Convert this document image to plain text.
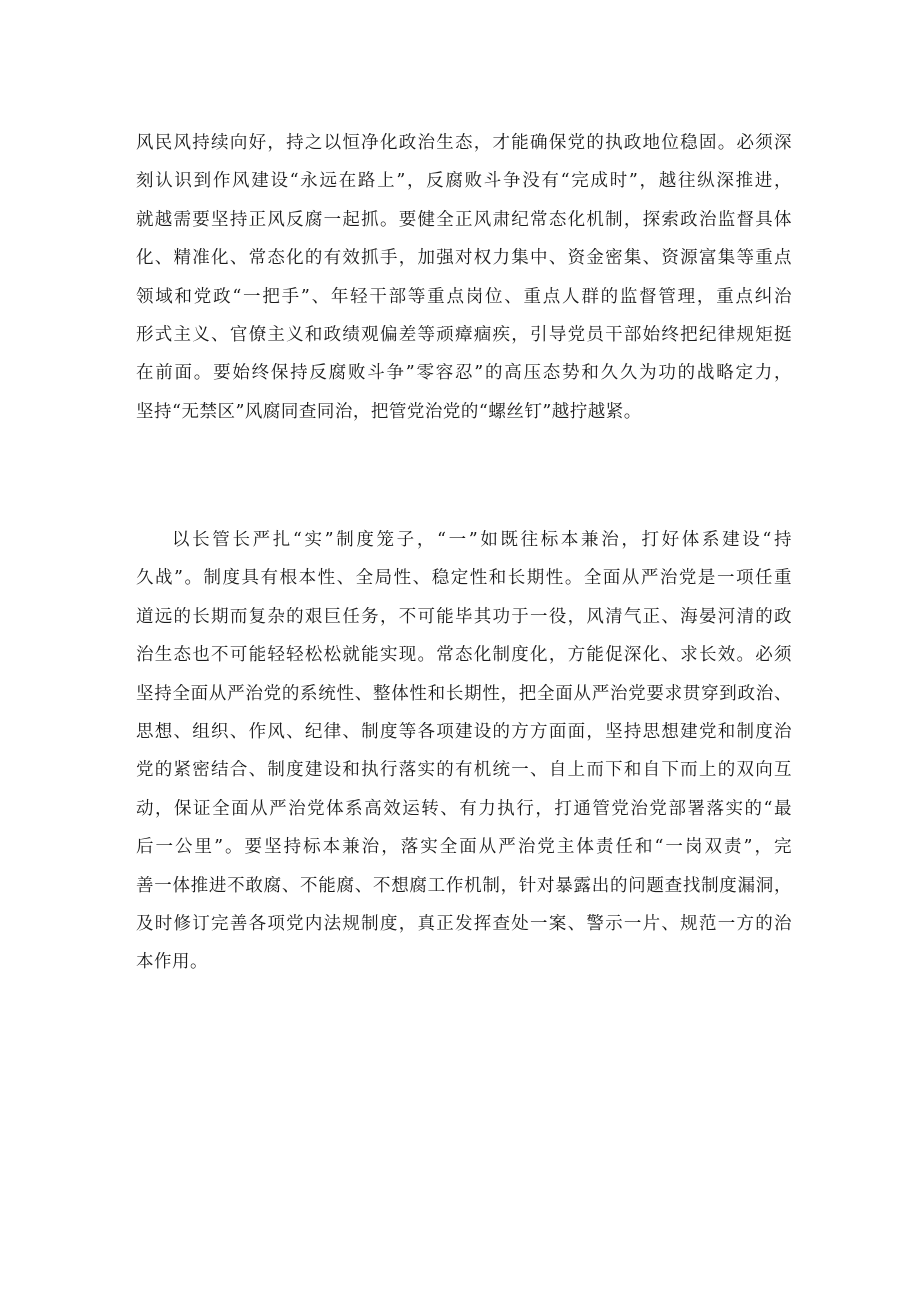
风民风持续向好，持之以恒净化政治生态，才能确保党的执政地位稳固。必须深
刻认识到作风建设“永远在路上”，反腐败斗争没有“完成时”，越往纵深推进，
就越需要坚持正风反腐一起抓。要健全正风肃纪常态化机制，探索政治监督具体
化、精准化、常态化的有效抓手，加强对权力集中、资金密集、资源富集等重点
领域和党政“一把手”、年轻干部等重点岗位、重点人群的监督管理，重点纠治
形式主义、官僚主义和政绩观偏差等顽瘴痼疾，引导党员干部始终把纪律规矩挺
在前面。要始终保持反腐败斗争”零容忍”的高压态势和久久为功的战略定力，
坚持“无禁区”风腐同查同治，把管党治党的“螺丝钉”越拧越紧。
以长管长严扎“实”制度笼子，“一”如既往标本兼治，打好体系建设“持
久战”。制度具有根本性、全局性、稳定性和长期性。全面从严治党是一项任重
道远的长期而复杂的艰巨任务，不可能毕其功于一役，风清气正、海晏河清的政
治生态也不可能轻轻松松就能实现。常态化制度化，方能促深化、求长效。必须
坚持全面从严治党的系统性、整体性和长期性，把全面从严治党要求贯穿到政治、
思想、组织、作风、纪律、制度等各项建设的方方面面，坚持思想建党和制度治
党的紧密结合、制度建设和执行落实的有机统一、自上而下和自下而上的双向互
动，保证全面从严治党体系高效运转、有力执行，打通管党治党部署落实的“最
后一公里”。要坚持标本兼治，落实全面从严治党主体责任和“一岗双责”，完
善一体推进不敢腐、不能腐、不想腐工作机制，针对暴露出的问题查找制度漏洞，
及时修订完善各项党内法规制度，真正发挥查处一案、警示一片、规范一方的治
本作用。
